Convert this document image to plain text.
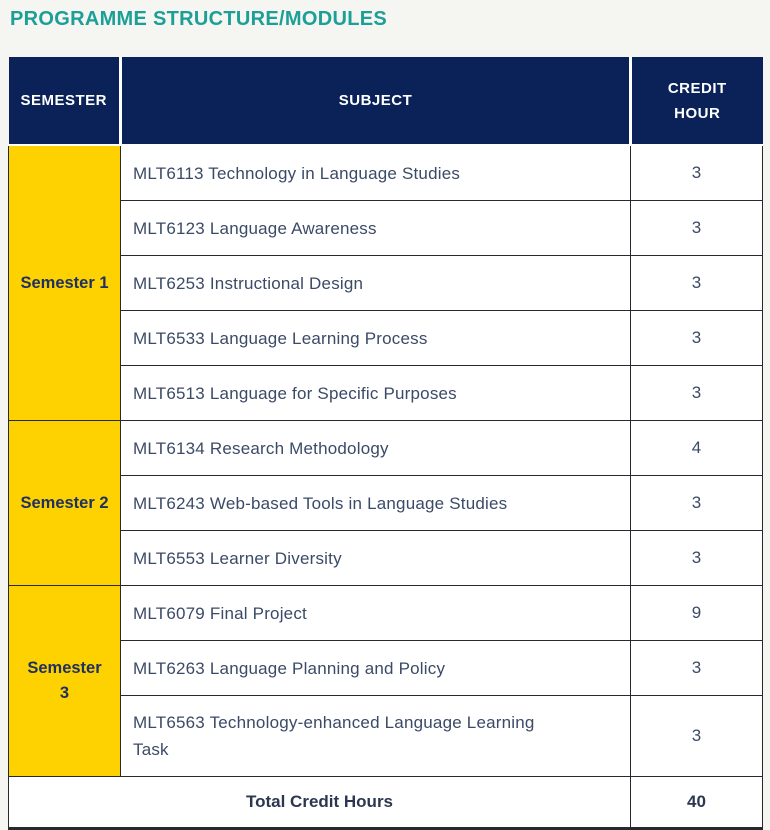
PROGRAMME STRUCTURE/MODULES
SEMESTER	SUBJECT	CREDIT HOUR
Semester 1	MLT6113 Technology in Language Studies	3
	MLT6123 Language Awareness	3
	MLT6253 Instructional Design	3
	MLT6533 Language Learning Process	3
	MLT6513 Language for Specific Purposes	3
Semester 2	MLT6134 Research Methodology	4
	MLT6243 Web-based Tools in Language Studies	3
	MLT6553 Learner Diversity	3
Semester 3	MLT6079 Final Project	9
	MLT6263 Language Planning and Policy	3
	MLT6563 Technology-enhanced Language Learning Task	3
Total Credit Hours		40
